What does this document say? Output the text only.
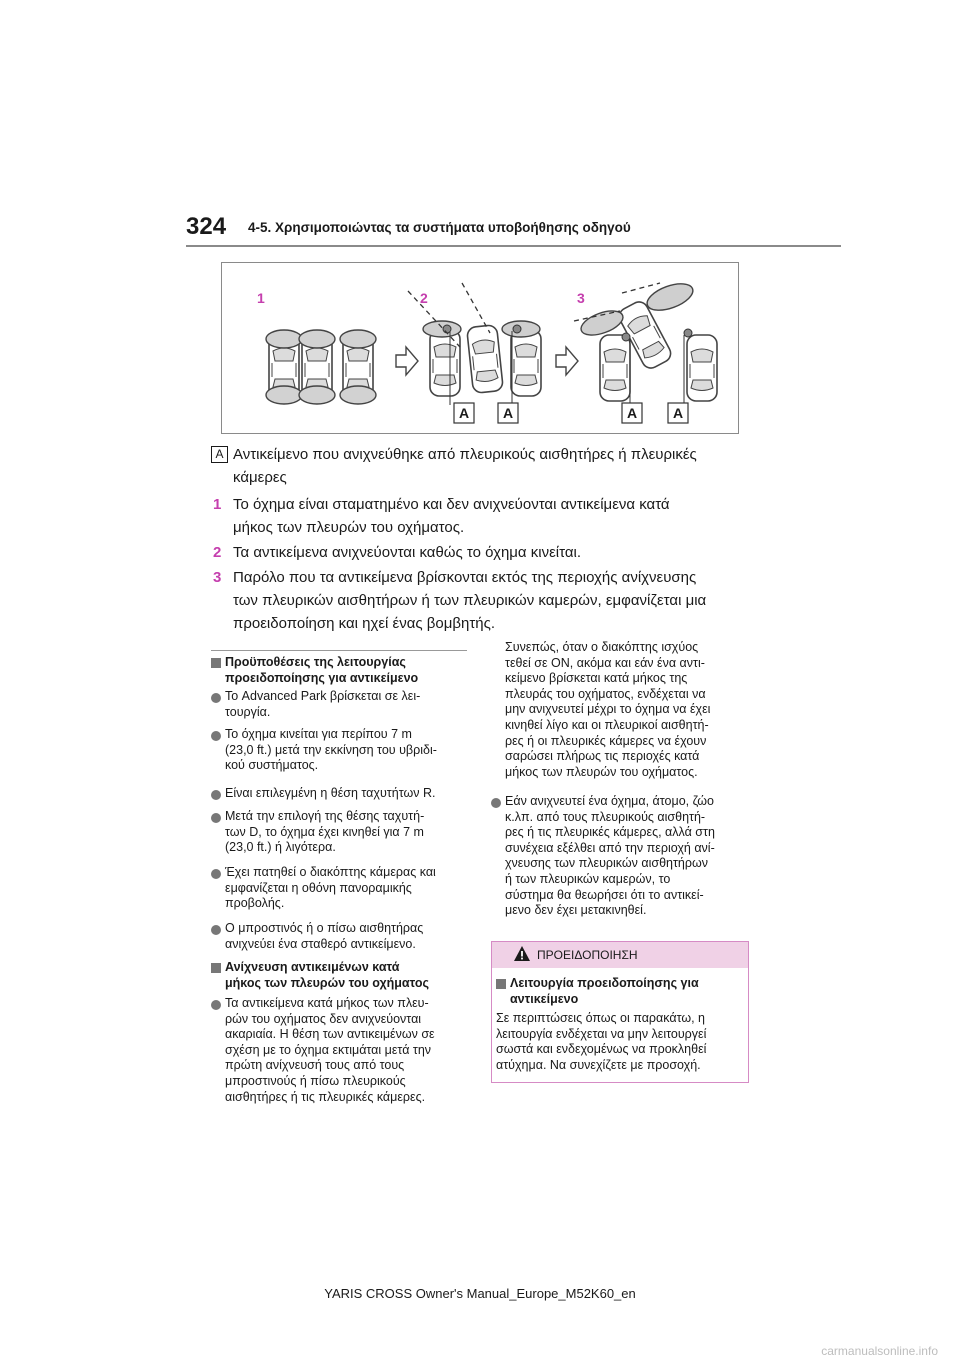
324 4-5. Χρησιμοποιώντας τα συστήματα υποβοήθησης οδηγού
1	2
A A
3
A	A
A Αντικείμενο που ανιχνεύθηκε από πλευρικούς αισθητήρες ή πλευρικές
κάμερες
1 Το όχημα είναι σταματημένο και δεν ανιχνεύονται αντικείμενα κατά
μήκος των πλευρών του οχήματος.
2 Τα αντικείμενα ανιχνεύονται καθώς το όχημα κινείται.
3 Παρόλο που τα αντικείμενα βρίσκονται εκτός της περιοχής ανίχνευσης
των πλευρικών αισθητήρων ή των πλευρικών καμερών, εμφανίζεται μια
προειδοποίηση και ηχεί ένας βομβητής.
Προϋποθέσεις της λειτουργίας
προειδοποίησης για αντικείμενο
Το Advanced Park βρίσκεται σε λει-
τουργία.
Το όχημα κινείται για περίπου 7 m
(23,0 ft.) μετά την εκκίνηση του υβριδι-
κού συστήματος.
Είναι επιλεγμένη η θέση ταχυτήτων R.
Μετά την επιλογή της θέσης ταχυτή-
των D, το όχημα έχει κινηθεί για 7 m
(23,0 ft.) ή λιγότερα.
Έχει πατηθεί ο διακόπτης κάμερας και
εμφανίζεται η οθόνη πανοραμικής
προβολής.
Ο μπροστινός ή ο πίσω αισθητήρας
ανιχνεύει ένα σταθερό αντικείμενο.
Ανίχνευση αντικειμένων κατά
μήκος των πλευρών του οχήματος
Τα αντικείμενα κατά μήκος των πλευ-
ρών του οχήματος δεν ανιχνεύονται
ακαριαία. Η θέση των αντικειμένων σε
σχέση με το όχημα εκτιμάται μετά την
πρώτη ανίχνευσή τους από τους
μπροστινούς ή πίσω πλευρικούς
αισθητήρες ή τις πλευρικές κάμερες.
Συνεπώς, όταν ο διακόπτης ισχύος
τεθεί σε ON, ακόμα και εάν ένα αντι-
κείμενο βρίσκεται κατά μήκος της
πλευράς του οχήματος, ενδέχεται να
μην ανιχνευτεί μέχρι το όχημα να έχει
κινηθεί λίγο και οι πλευρικοί αισθητή-
ρες ή οι πλευρικές κάμερες να έχουν
σαρώσει πλήρως τις περιοχές κατά
μήκος των πλευρών του οχήματος.
Εάν ανιχνευτεί ένα όχημα, άτομο, ζώο
κ.λπ. από τους πλευρικούς αισθητή-
ρες ή τις πλευρικές κάμερες, αλλά στη
συνέχεια εξέλθει από την περιοχή ανί-
χνευσης των πλευρικών αισθητήρων
ή των πλευρικών καμερών, το
σύστημα θα θεωρήσει ότι το αντικεί-
μενο δεν έχει μετακινηθεί.
ΠΡΟΕΙΔΟΠΟΙΗΣΗ
Λειτουργία προειδοποίησης για
αντικείμενο
Σε περιπτώσεις όπως οι παρακάτω, η
λειτουργία ενδέχεται να μην λειτουργεί
σωστά και ενδεχομένως να προκληθεί
ατύχημα. Να συνεχίζετε με προσοχή.
YARIS CROSS Owner's Manual_Europe_M52K60_en
carmanualsonline.info
